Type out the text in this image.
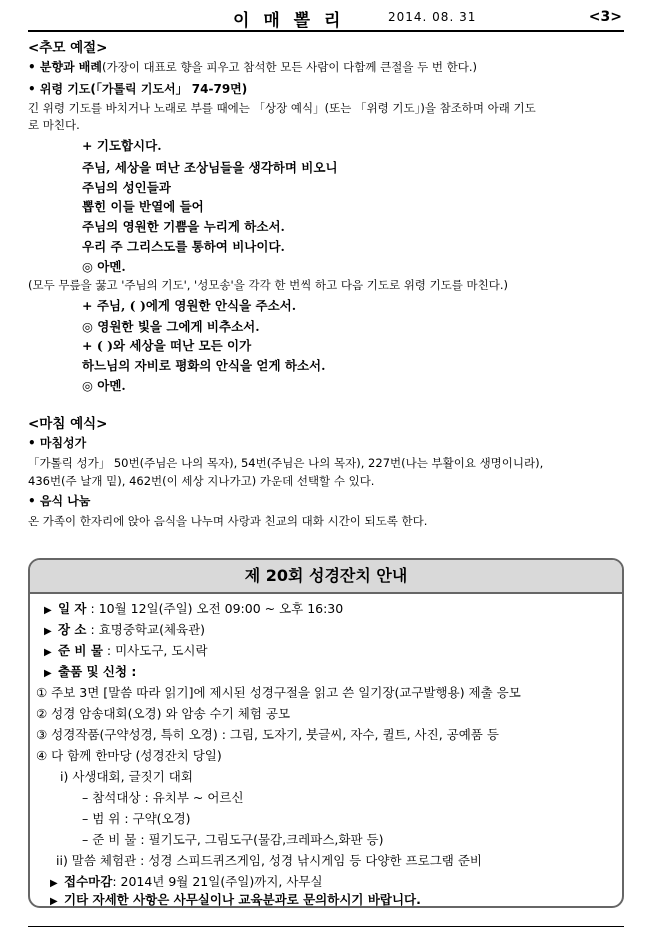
이 매 뽈 리	2014. 08. 31	<3>
<추모 예절>
• 분향과 배례(가장이 대표로 향을 피우고 참석한 모든 사람이 다함께 큰절을 두 번 한다.)
• 위령 기도(「가톨릭 기도서」 74-79면)
긴 위령 기도를 바치거나 노래로 부를 때에는 「상장 예식」(또는 「위령 기도」)을 참조하며 아래 기도
로 마친다.
+ 기도합시다.
주님, 세상을 떠난 조상님들을 생각하며 비오니
주님의 성인들과
뽑힌 이들 반열에 들어
주님의 영원한 기쁨을 누리게 하소서.
우리 주 그리스도를 통하여 비나이다.
◎ 아멘.
(모두 무릎을 꿇고 '주님의 기도', '성모송'을 각각 한 번씩 하고 다음 기도로 위령 기도를 마친다.)
+ 주님, ( )에게 영원한 안식을 주소서.
◎ 영원한 빛을 그에게 비추소서.
+ ( )와 세상을 떠난 모든 이가
하느님의 자비로 평화의 안식을 얻게 하소서.
◎ 아멘.
<마침 예식>
• 마침성가
「가톨릭 성가」 50번(주님은 나의 목자), 54번(주님은 나의 목자), 227번(나는 부활이요 생명이니라),
436번(주 날개 밑), 462번(이 세상 지나가고) 가운데 선택할 수 있다.
• 음식 나눔
온 가족이 한자리에 앉아 음식을 나누며 사랑과 친교의 대화 시간이 되도록 한다.
제 20회 성경잔치 안내
▶ 일 자 : 10월 12일(주일) 오전 09:00 ~ 오후 16:30
▶ 장 소 : 효명중학교(체육관)
▶ 준 비 물 : 미사도구, 도시락
▶ 출품 및 신청 :
① 주보 3면 [말씀 따라 읽기]에 제시된 성경구절을 읽고 쓴 일기장(교구발행용) 제출 응모
② 성경 암송대회(오경) 와 암송 수기 체험 공모
③ 성경작품(구약성경, 특히 오경) : 그림, 도자기, 붓글씨, 자수, 퀼트, 사진, 공예품 등
④ 다 함께 한마당 (성경잔치 당일)
i) 사생대회, 글짓기 대회
– 참석대상 : 유치부 ~ 어르신
– 범 위 : 구약(오경)
– 준 비 물 : 필기도구, 그림도구(물감,크레파스,화판 등)
ii) 말씀 체험관 : 성경 스피드퀴즈게임, 성경 낚시게임 등 다양한 프로그램 준비
▶ 접수마감: 2014년 9월 21일(주일)까지, 사무실
▶ 기타 자세한 사항은 사무실이나 교육분과로 문의하시기 바랍니다.
